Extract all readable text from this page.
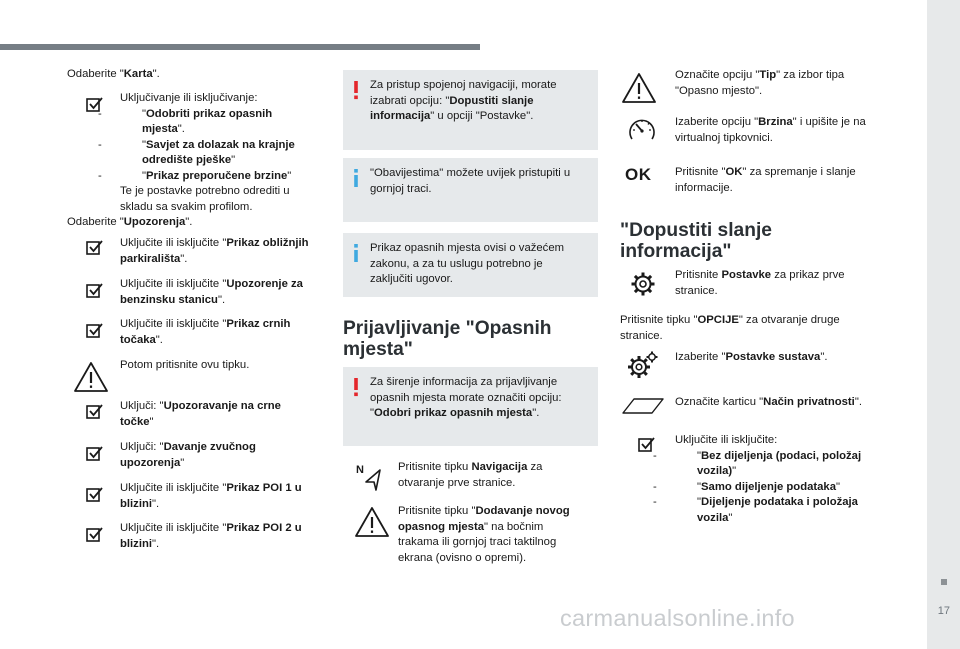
17
carmanualsonline.info
Odaberite "Karta".
Uključivanje ili isključivanje:
-	"Odobriti prikaz opasnih mjesta".
-	"Savjet za dolazak na krajnje odredište pješke"
-	"Prikaz preporučene brzine"
Te je postavke potrebno odrediti u skladu sa svakim profilom.
Odaberite "Upozorenja".
Uključite ili isključite "Prikaz obližnjih parkirališta".
Uključite ili isključite "Upozorenje za benzinsku stanicu".
Uključite ili isključite "Prikaz crnih točaka".
Potom pritisnite ovu tipku.
Uključi: "Upozoravanje na crne točke"
Uključi: "Davanje zvučnog upozorenja"
Uključite ili isključite "Prikaz POI 1 u blizini".
Uključite ili isključite "Prikaz POI 2 u blizini".
Za pristup spojenoj navigaciji, morate izabrati opciju: "Dopustiti slanje informacija" u opciji "Postavke".
"Obavijestima" možete uvijek pristupiti u gornjoj traci.
Prikaz opasnih mjesta ovisi o važećem zakonu, a za tu uslugu potrebno je zaključiti ugovor.
Prijavljivanje "Opasnih mjesta"
Za širenje informacija za prijavljivanje opasnih mjesta morate označiti opciju: "Odobri prikaz opasnih mjesta".
N	Pritisnite tipku Navigacija za otvaranje prve stranice.
Pritisnite tipku "Dodavanje novog opasnog mjesta" na bočnim trakama ili gornjoj traci taktilnog ekrana (ovisno o opremi).
Označite opciju "Tip" za izbor tipa "Opasno mjesto".
Izaberite opciju "Brzina" i upišite je na virtualnoj tipkovnici.
OK Pritisnite "OK" za spremanje i slanje informacije.
"Dopustiti slanje informacija"
Pritisnite Postavke za prikaz prve stranice.
Pritisnite tipku "OPCIJE" za otvaranje druge stranice.
Izaberite "Postavke sustava".
Označite karticu "Način privatnosti".
Uključite ili isključite:
-	"Bez dijeljenja (podaci, položaj vozila)"
-	"Samo dijeljenje podataka"
-	"Dijeljenje podataka i položaja vozila"
